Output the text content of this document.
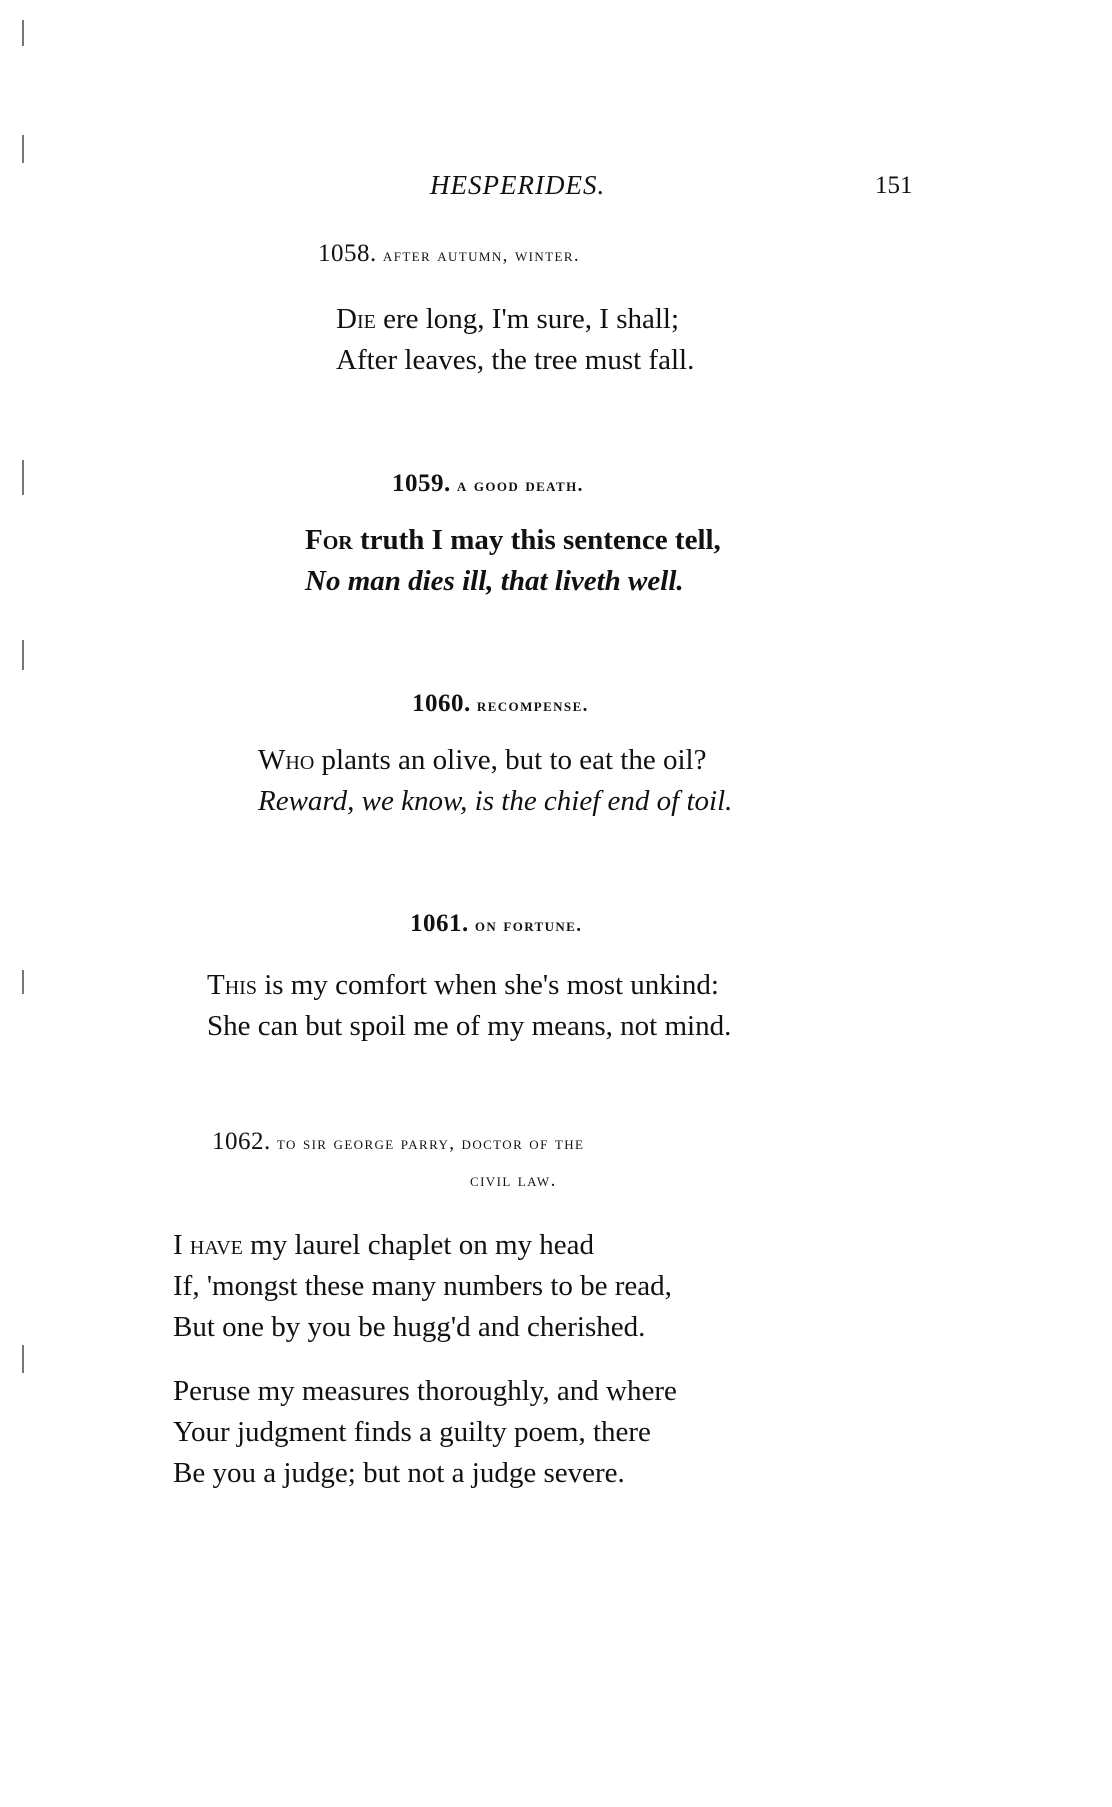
HESPERIDES.	151
1058. after autumn, winter.
Die ere long, I'm sure, I shall;
After leaves, the tree must fall.
1059. a good death.
For truth I may this sentence tell,
No man dies ill, that liveth well.
1060. recompense.
Who plants an olive, but to eat the oil?
Reward, we know, is the chief end of toil.
1061. on fortune.
This is my comfort when she's most unkind:
She can but spoil me of my means, not mind.
1062. to sir george parry, doctor of the
civil law.
I have my laurel chaplet on my head
If, 'mongst these many numbers to be read,
But one by you be hugg'd and cherished.
Peruse my measures thoroughly, and where
Your judgment finds a guilty poem, there
Be you a judge; but not a judge severe.
